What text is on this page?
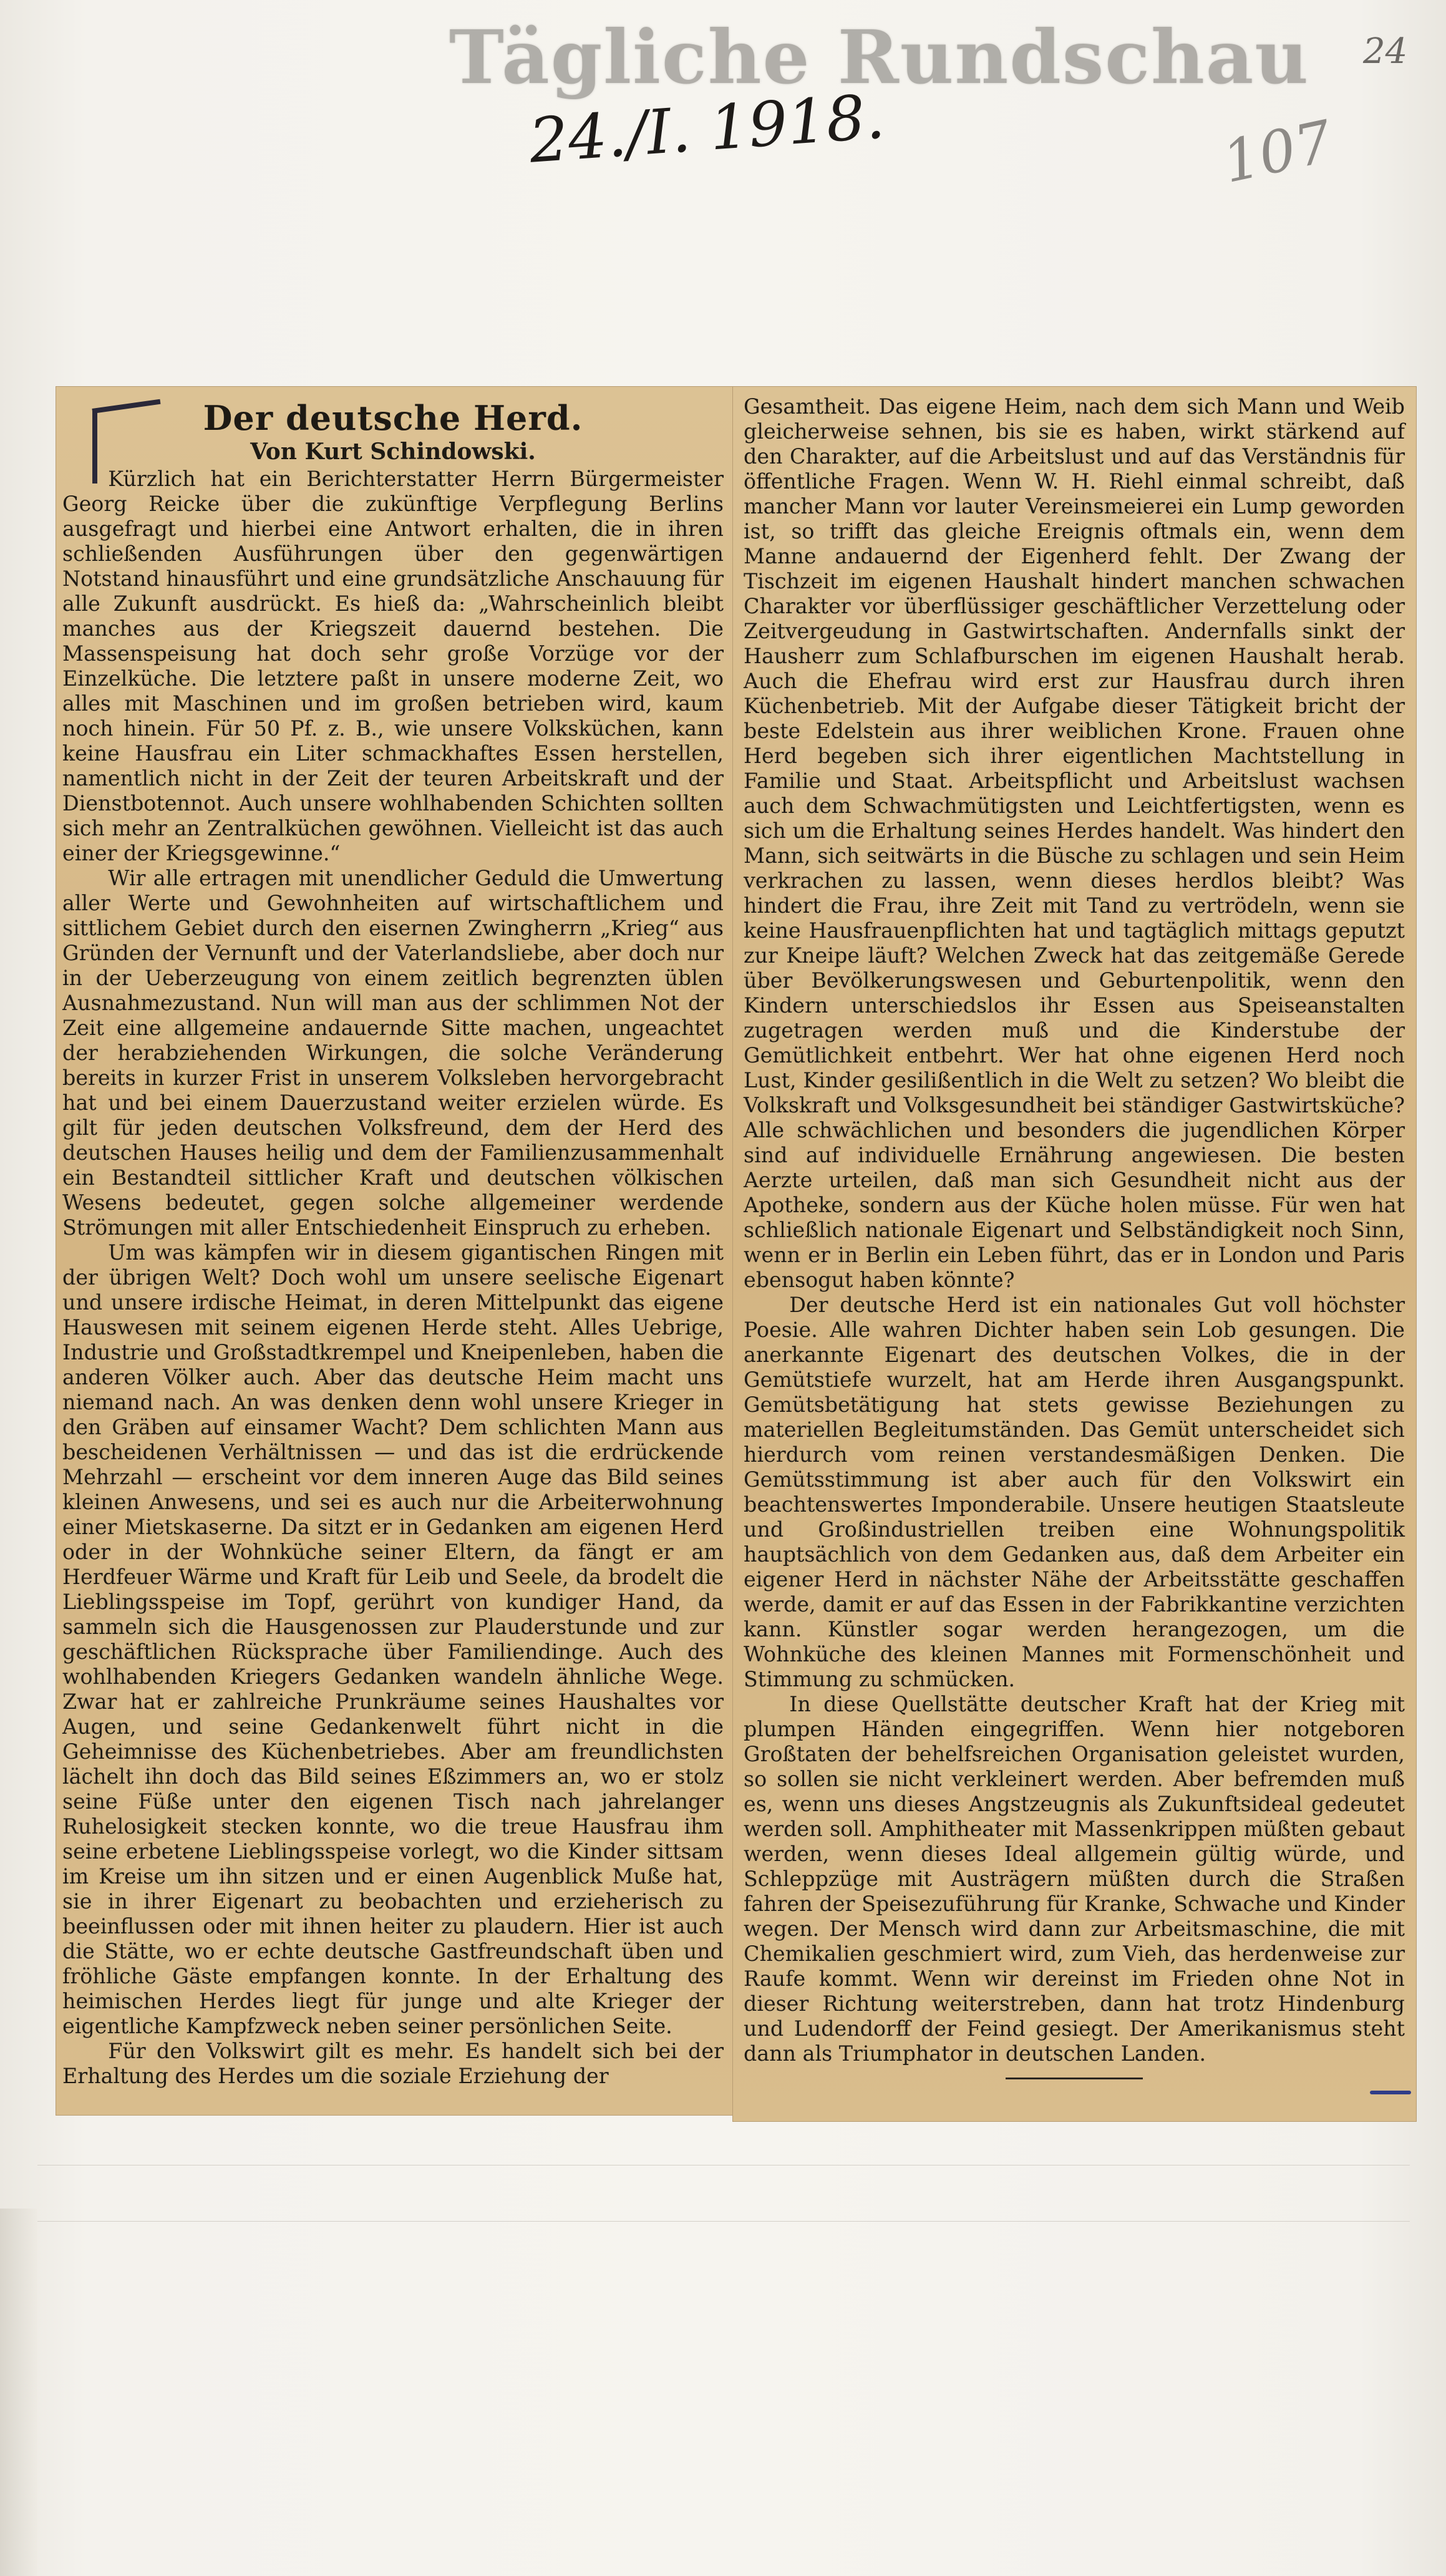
Tägliche Rundschau
24./I. 1918.
24
107
Der deutsche Herd.
Von Kurt Schindowski.

Kürzlich hat ein Berichterstatter Herrn Bürgermeister Georg Reicke über die zukünftige Verpflegung Berlins ausgefragt und hierbei eine Antwort erhalten, die in ihren schließenden Ausführungen über den gegenwärtigen Notstand hinausführt und eine grundsätzliche Anschauung für alle Zukunft ausdrückt. Es hieß da: „Wahrscheinlich bleibt manches aus der Kriegszeit dauernd bestehen. Die Massenspeisung hat doch sehr große Vorzüge vor der Einzelküche. Die letztere paßt in unsere moderne Zeit, wo alles mit Maschinen und im großen betrieben wird, kaum noch hinein. Für 50 Pf. z. B., wie unsere Volksküchen, kann keine Hausfrau ein Liter schmackhaftes Essen herstellen, namentlich nicht in der Zeit der teuren Arbeitskraft und der Dienstbotennot. Auch unsere wohlhabenden Schichten sollten sich mehr an Zentralküchen gewöhnen. Vielleicht ist das auch einer der Kriegsgewinne.“

Wir alle ertragen mit unendlicher Geduld die Umwertung aller Werte und Gewohnheiten auf wirtschaftlichem und sittlichem Gebiet durch den eisernen Zwingherrn „Krieg“ aus Gründen der Vernunft und der Vaterlandsliebe, aber doch nur in der Ueberzeugung von einem zeitlich begrenzten üblen Ausnahmezustand. Nun will man aus der schlimmen Not der Zeit eine allgemeine andauernde Sitte machen, ungeachtet der herabziehenden Wirkungen, die solche Veränderung bereits in kurzer Frist in unserem Volksleben hervorgebracht hat und bei einem Dauerzustand weiter erzielen würde. Es gilt für jeden deutschen Volksfreund, dem der Herd des deutschen Hauses heilig und dem der Familienzusammenhalt ein Bestandteil sittlicher Kraft und deutschen völkischen Wesens bedeutet, gegen solche allgemeiner werdende Strömungen mit aller Entschiedenheit Einspruch zu erheben.

Um was kämpfen wir in diesem gigantischen Ringen mit der übrigen Welt? Doch wohl um unsere seelische Eigenart und unsere irdische Heimat, in deren Mittelpunkt das eigene Hauswesen mit seinem eigenen Herde steht. Alles Uebrige, Industrie und Großstadtkrempel und Kneipenleben, haben die anderen Völker auch. Aber das deutsche Heim macht uns niemand nach. An was denken denn wohl unsere Krieger in den Gräben auf einsamer Wacht? Dem schlichten Mann aus bescheidenen Verhältnissen — und das ist die erdrückende Mehrzahl — erscheint vor dem inneren Auge das Bild seines kleinen Anwesens, und sei es auch nur die Arbeiterwohnung einer Mietskaserne. Da sitzt er in Gedanken am eigenen Herd oder in der Wohnküche seiner Eltern, da fängt er am Herdfeuer Wärme und Kraft für Leib und Seele, da brodelt die Lieblingsspeise im Topf, gerührt von kundiger Hand, da sammeln sich die Hausgenossen zur Plauderstunde und zur geschäftlichen Rücksprache über Familiendinge. Auch des wohlhabenden Kriegers Gedanken wandeln ähnliche Wege. Zwar hat er zahlreiche Prunkräume seines Haushaltes vor Augen, und seine Gedankenwelt führt nicht in die Geheimnisse des Küchenbetriebes. Aber am freundlichsten lächelt ihn doch das Bild seines Eßzimmers an, wo er stolz seine Füße unter den eigenen Tisch nach jahrelanger Ruhelosigkeit stecken konnte, wo die treue Hausfrau ihm seine erbetene Lieblingsspeise vorlegt, wo die Kinder sittsam im Kreise um ihn sitzen und er einen Augenblick Muße hat, sie in ihrer Eigenart zu beobachten und erzieherisch zu beeinflussen oder mit ihnen heiter zu plaudern. Hier ist auch die Stätte, wo er echte deutsche Gastfreundschaft üben und fröhliche Gäste empfangen konnte. In der Erhaltung des heimischen Herdes liegt für junge und alte Krieger der eigentliche Kampfzweck neben seiner persönlichen Seite.

Für den Volkswirt gilt es mehr. Es handelt sich bei der Erhaltung des Herdes um die soziale Erziehung der

Gesamtheit. Das eigene Heim, nach dem sich Mann und Weib gleicherweise sehnen, bis sie es haben, wirkt stärkend auf den Charakter, auf die Arbeitslust und auf das Verständnis für öffentliche Fragen. Wenn W. H. Riehl einmal schreibt, daß mancher Mann vor lauter Vereinsmeierei ein Lump geworden ist, so trifft das gleiche Ereignis oftmals ein, wenn dem Manne andauernd der Eigenherd fehlt. Der Zwang der Tischzeit im eigenen Haushalt hindert manchen schwachen Charakter vor überflüssiger geschäftlicher Verzettelung oder Zeitvergeudung in Gastwirtschaften. Andernfalls sinkt der Hausherr zum Schlafburschen im eigenen Haushalt herab. Auch die Ehefrau wird erst zur Hausfrau durch ihren Küchenbetrieb. Mit der Aufgabe dieser Tätigkeit bricht der beste Edelstein aus ihrer weiblichen Krone. Frauen ohne Herd begeben sich ihrer eigentlichen Machtstellung in Familie und Staat. Arbeitspflicht und Arbeitslust wachsen auch dem Schwachmütigsten und Leichtfertigsten, wenn es sich um die Erhaltung seines Herdes handelt. Was hindert den Mann, sich seitwärts in die Büsche zu schlagen und sein Heim verkrachen zu lassen, wenn dieses herdlos bleibt? Was hindert die Frau, ihre Zeit mit Tand zu vertrödeln, wenn sie keine Hausfrauenpflichten hat und tagtäglich mittags geputzt zur Kneipe läuft? Welchen Zweck hat das zeitgemäße Gerede über Bevölkerungswesen und Geburtenpolitik, wenn den Kindern unterschiedslos ihr Essen aus Speiseanstalten zugetragen werden muß und die Kinderstube der Gemütlichkeit entbehrt. Wer hat ohne eigenen Herd noch Lust, Kinder gesilißentlich in die Welt zu setzen? Wo bleibt die Volkskraft und Volksgesundheit bei ständiger Gastwirtsküche? Alle schwächlichen und besonders die jugendlichen Körper sind auf individuelle Ernährung angewiesen. Die besten Aerzte urteilen, daß man sich Gesundheit nicht aus der Apotheke, sondern aus der Küche holen müsse. Für wen hat schließlich nationale Eigenart und Selbständigkeit noch Sinn, wenn er in Berlin ein Leben führt, das er in London und Paris ebensogut haben könnte?

Der deutsche Herd ist ein nationales Gut voll höchster Poesie. Alle wahren Dichter haben sein Lob gesungen. Die anerkannte Eigenart des deutschen Volkes, die in der Gemütstiefe wurzelt, hat am Herde ihren Ausgangspunkt. Gemütsbetätigung hat stets gewisse Beziehungen zu materiellen Begleitumständen. Das Gemüt unterscheidet sich hierdurch vom reinen verstandesmäßigen Denken. Die Gemütsstimmung ist aber auch für den Volkswirt ein beachtenswertes Imponderabile. Unsere heutigen Staatsleute und Großindustriellen treiben eine Wohnungspolitik hauptsächlich von dem Gedanken aus, daß dem Arbeiter ein eigener Herd in nächster Nähe der Arbeitsstätte geschaffen werde, damit er auf das Essen in der Fabrikkantine verzichten kann. Künstler sogar werden herangezogen, um die Wohnküche des kleinen Mannes mit Formenschönheit und Stimmung zu schmücken.

In diese Quellstätte deutscher Kraft hat der Krieg mit plumpen Händen eingegriffen. Wenn hier notgeboren Großtaten der behelfsreichen Organisation geleistet wurden, so sollen sie nicht verkleinert werden. Aber befremden muß es, wenn uns dieses Angstzeugnis als Zukunftsideal gedeutet werden soll. Amphitheater mit Massenkrippen müßten gebaut werden, wenn dieses Ideal allgemein gültig würde, und Schleppzüge mit Austrägern müßten durch die Straßen fahren der Speisezuführung für Kranke, Schwache und Kinder wegen. Der Mensch wird dann zur Arbeitsmaschine, die mit Chemikalien geschmiert wird, zum Vieh, das herdenweise zur Raufe kommt. Wenn wir dereinst im Frieden ohne Not in dieser Richtung weiterstreben, dann hat trotz Hindenburg und Ludendorff der Feind gesiegt. Der Amerikanismus steht dann als Triumphator in deutschen Landen.
